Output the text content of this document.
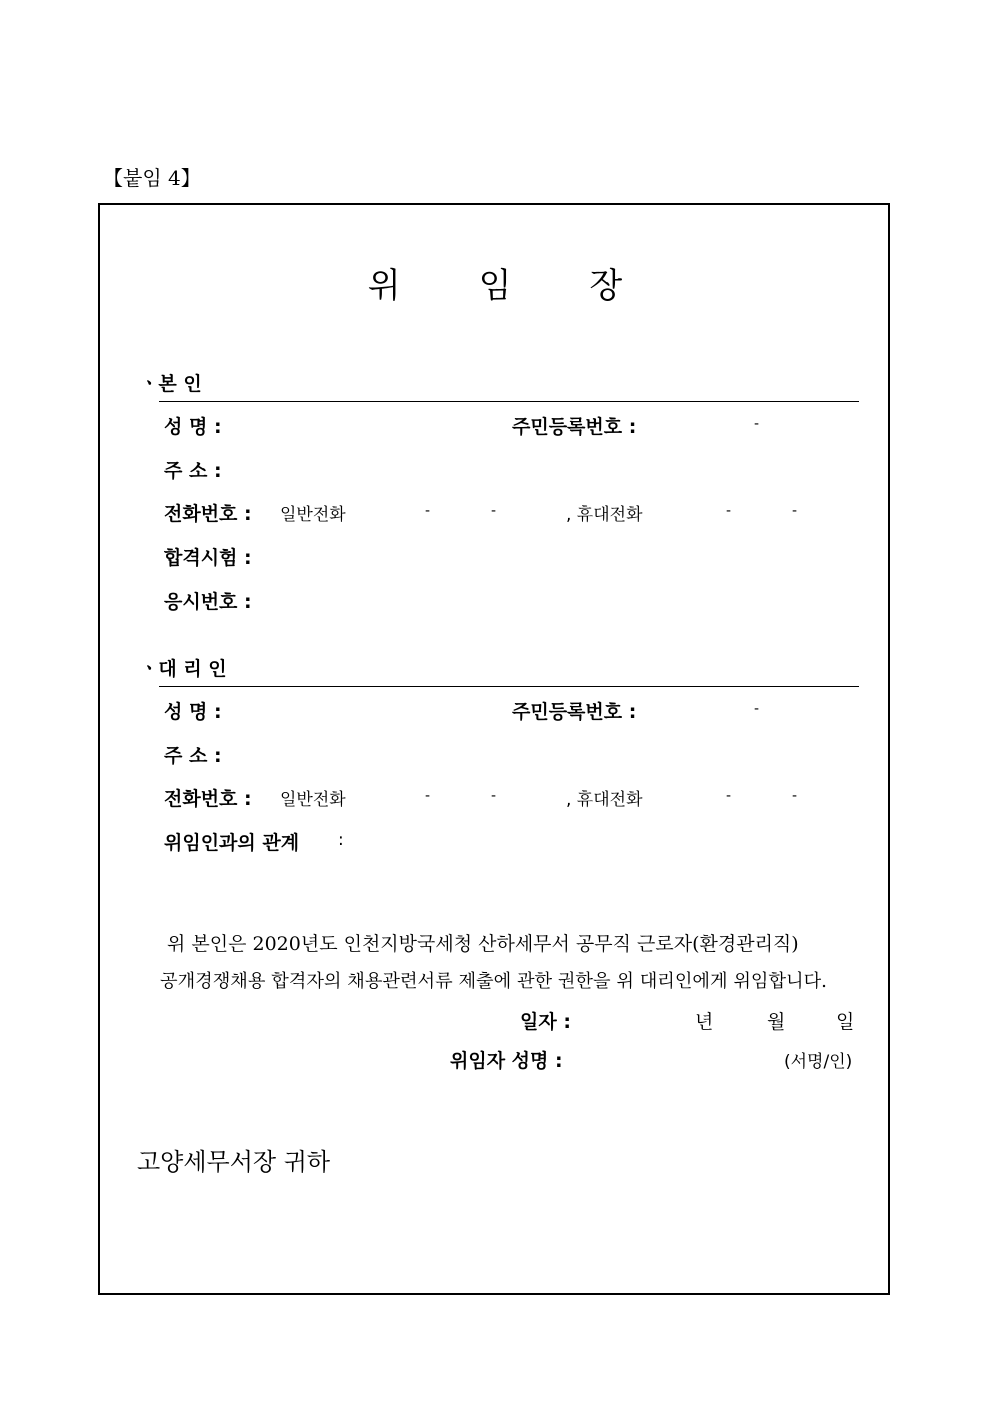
【붙임 4】
위 임 장
ㆍ본 인
성 명 :	주민등록번호 :	-
주 소 :
전화번호 : 일반전화	-	-	, 휴대전화	-	-
합격시험 :
응시번호 :
ㆍ대 리 인
성 명 :	주민등록번호 :	-
주 소 :
전화번호 : 일반전화	-	-	, 휴대전화	-	-
위임인과의 관계 :
위 본인은 2020년도 인천지방국세청 산하세무서 공무직 근로자(환경관리직)
공개경쟁채용 합격자의 채용관련서류 제출에 관한 권한을 위 대리인에게 위임합니다.
일자 :	년	월	일
위임자 성명 :	(서명/인)
고양세무서장 귀하
